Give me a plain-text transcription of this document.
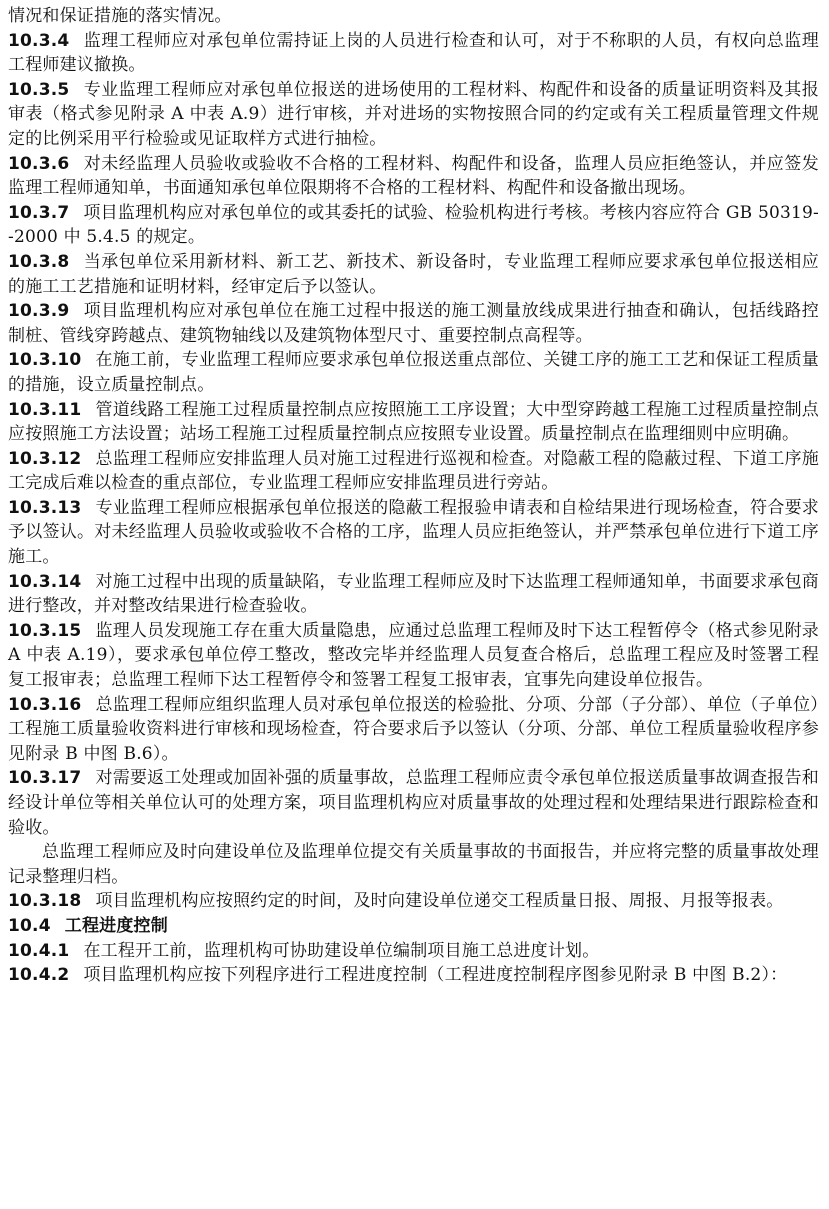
情况和保证措施的落实情况。

10.3.4 监理工程师应对承包单位需持证上岗的人员进行检查和认可，对于不称职的人员，有权向总监理工程师建议撤换。

10.3.5 专业监理工程师应对承包单位报送的进场使用的工程材料、构配件和设备的质量证明资料及其报审表（格式参见附录 A 中表 A.9）进行审核，并对进场的实物按照合同的约定或有关工程质量管理文件规定的比例采用平行检验或见证取样方式进行抽检。

10.3.6 对未经监理人员验收或验收不合格的工程材料、构配件和设备，监理人员应拒绝签认，并应签发监理工程师通知单，书面通知承包单位限期将不合格的工程材料、构配件和设备撤出现场。

10.3.7 项目监理机构应对承包单位的或其委托的试验、检验机构进行考核。考核内容应符合 GB 50319--2000 中 5.4.5 的规定。

10.3.8 当承包单位采用新材料、新工艺、新技术、新设备时，专业监理工程师应要求承包单位报送相应的施工工艺措施和证明材料，经审定后予以签认。

10.3.9 项目监理机构应对承包单位在施工过程中报送的施工测量放线成果进行抽查和确认，包括线路控制桩、管线穿跨越点、建筑物轴线以及建筑物体型尺寸、重要控制点高程等。

10.3.10 在施工前，专业监理工程师应要求承包单位报送重点部位、关键工序的施工工艺和保证工程质量的措施，设立质量控制点。

10.3.11 管道线路工程施工过程质量控制点应按照施工工序设置；大中型穿跨越工程施工过程质量控制点应按照施工方法设置；站场工程施工过程质量控制点应按照专业设置。质量控制点在监理细则中应明确。

10.3.12 总监理工程师应安排监理人员对施工过程进行巡视和检查。对隐蔽工程的隐蔽过程、下道工序施工完成后难以检查的重点部位，专业监理工程师应安排监理员进行旁站。

10.3.13 专业监理工程师应根据承包单位报送的隐蔽工程报验申请表和自检结果进行现场检查，符合要求予以签认。对未经监理人员验收或验收不合格的工序，监理人员应拒绝签认，并严禁承包单位进行下道工序施工。

10.3.14 对施工过程中出现的质量缺陷，专业监理工程师应及时下达监理工程师通知单，书面要求承包商进行整改，并对整改结果进行检查验收。

10.3.15 监理人员发现施工存在重大质量隐患，应通过总监理工程师及时下达工程暂停令（格式参见附录 A 中表 A.19），要求承包单位停工整改，整改完毕并经监理人员复查合格后，总监理工程应及时签署工程复工报审表；总监理工程师下达工程暂停令和签署工程复工报审表，宜事先向建设单位报告。

10.3.16 总监理工程师应组织监理人员对承包单位报送的检验批、分项、分部（子分部）、单位（子单位）工程施工质量验收资料进行审核和现场检查，符合要求后予以签认（分项、分部、单位工程质量验收程序参见附录 B 中图 B.6）。

10.3.17 对需要返工处理或加固补强的质量事故，总监理工程师应责令承包单位报送质量事故调查报告和经设计单位等相关单位认可的处理方案，项目监理机构应对质量事故的处理过程和处理结果进行跟踪检查和验收。

总监理工程师应及时向建设单位及监理单位提交有关质量事故的书面报告，并应将完整的质量事故处理记录整理归档。

10.3.18 项目监理机构应按照约定的时间，及时向建设单位递交工程质量日报、周报、月报等报表。

10.4 工程进度控制

10.4.1 在工程开工前，监理机构可协助建设单位编制项目施工总进度计划。

10.4.2 项目监理机构应按下列程序进行工程进度控制（工程进度控制程序图参见附录 B 中图 B.2）：
